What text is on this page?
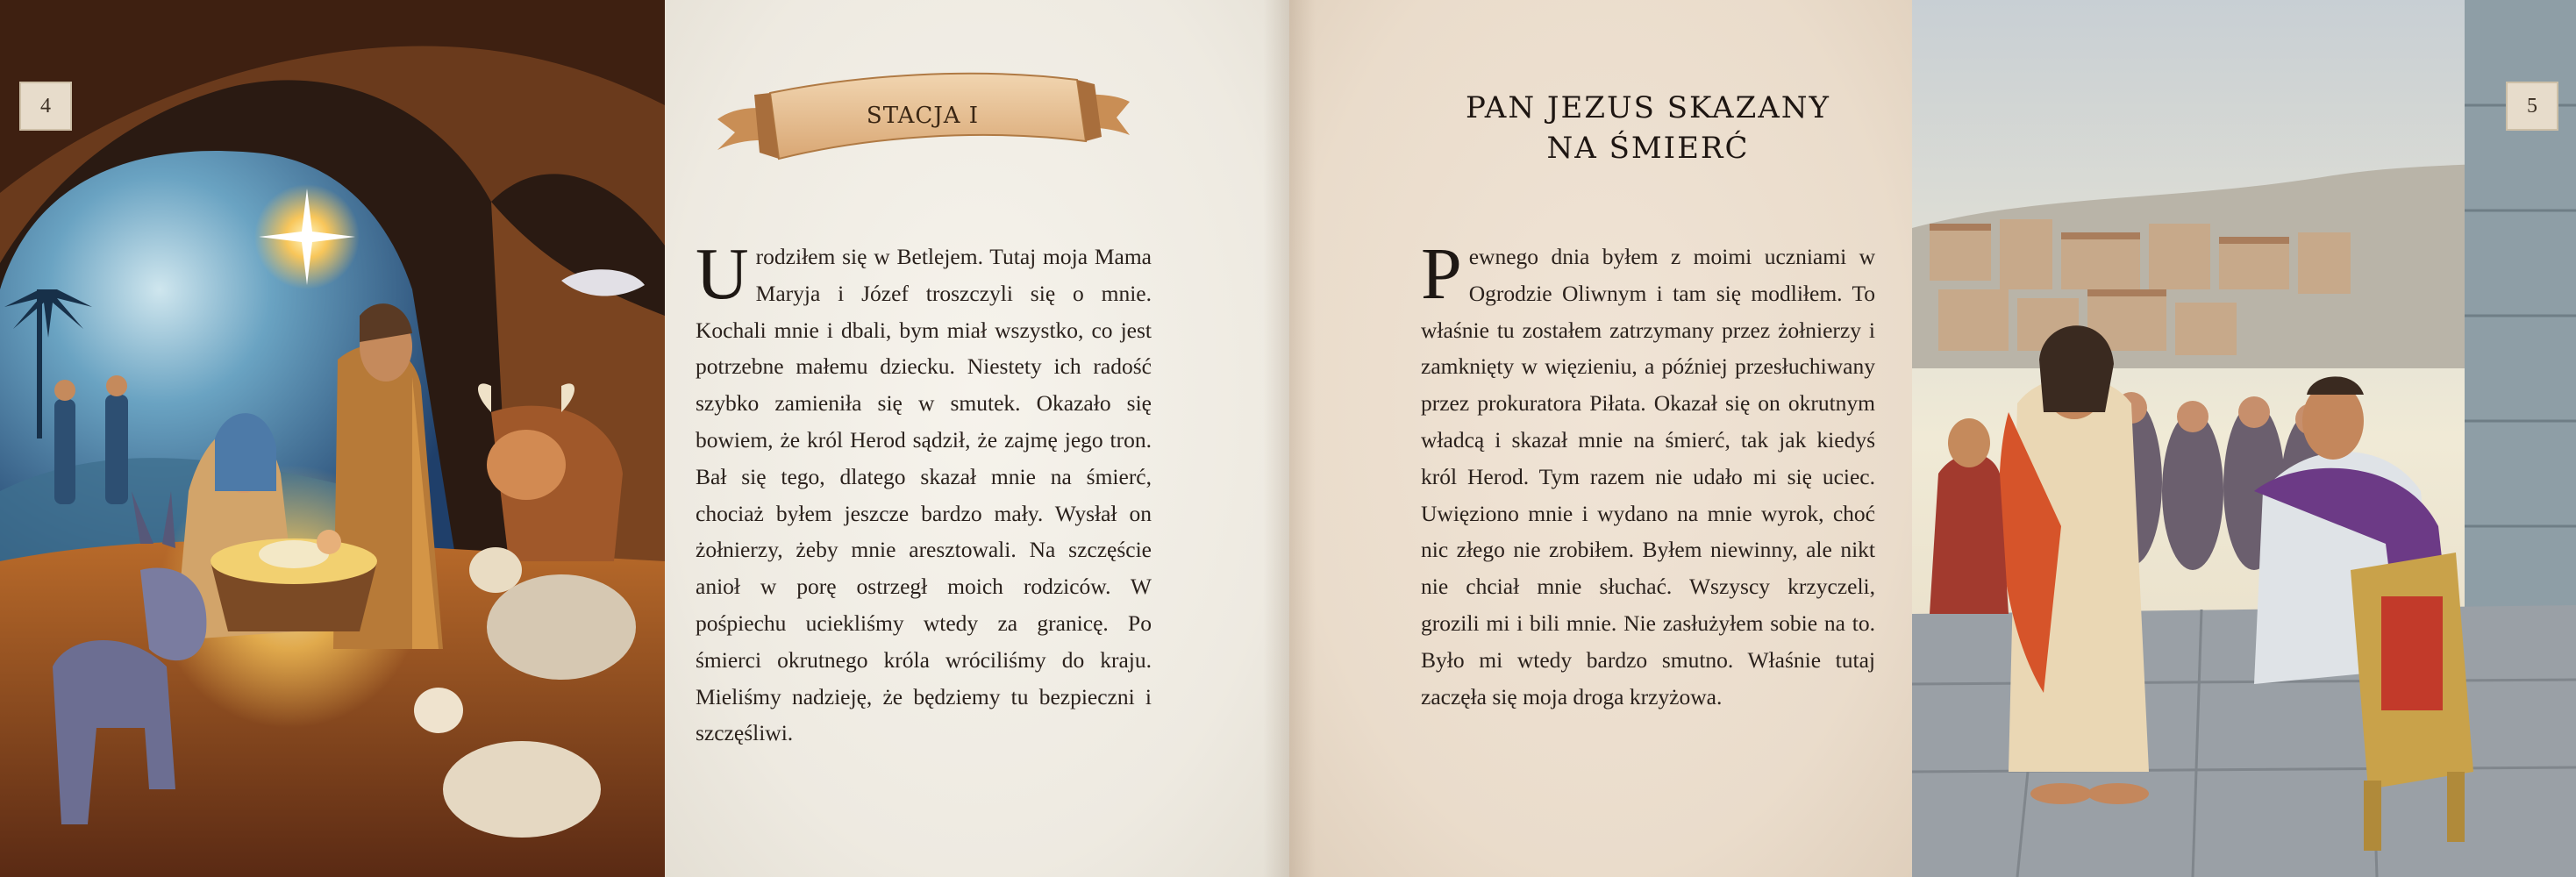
STACJA I
Urodziłem się w Betlejem. Tutaj moja Mama Maryja i Józef troszczyli się o mnie. Kochali mnie i dbali, bym miał wszystko, co jest potrzebne małemu dziecku. Niestety ich radość szybko zamieniła się w smutek. Okazało się bowiem, że król Herod sądził, że zajmę jego tron. Bał się tego, dlatego skazał mnie na śmierć, chociaż byłem jeszcze bardzo mały. Wysłał on żołnierzy, żeby mnie aresztowali. Na szczęście anioł w porę ostrzegł moich rodziców. W pośpiechu uciekliśmy wtedy za granicę. Po śmierci okrutnego króla wróciliśmy do kraju. Mieliśmy nadzieję, że będziemy tu bezpieczni i szczęśliwi.
PAN JEZUS SKAZANY
NA ŚMIERĆ
Pewnego dnia byłem z moimi uczniami w Ogrodzie Oliwnym i tam się modliłem. To właśnie tu zostałem zatrzymany przez żołnierzy i zamknięty w więzieniu, a później przesłuchiwany przez prokuratora Piłata. Okazał się on okrutnym władcą i skazał mnie na śmierć, tak jak kiedyś król Herod. Tym razem nie udało mi się uciec. Uwięziono mnie i wydano na mnie wyrok, choć nic złego nie zrobiłem. Byłem niewinny, ale nikt nie chciał mnie słuchać. Wszyscy krzyczeli, grozili mi i bili mnie. Nie zasłużyłem sobie na to. Było mi wtedy bardzo smutno. Właśnie tutaj zaczęła się moja droga krzyżowa.
4	5
